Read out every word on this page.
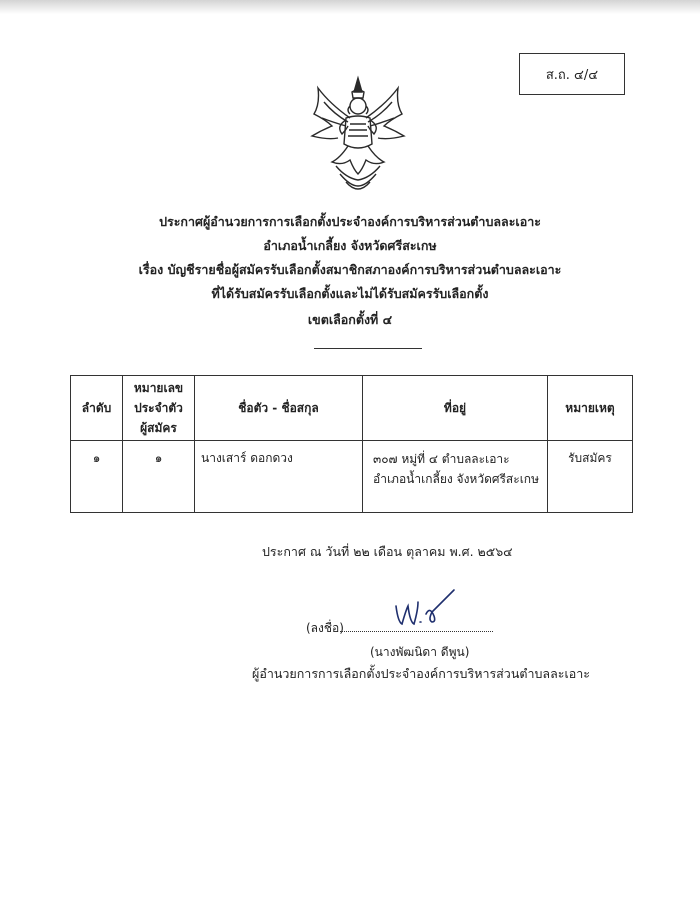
ส.ถ. ๔/๔
ประกาศผู้อำนวยการการเลือกตั้งประจำองค์การบริหารส่วนตำบลละเอาะ
อำเภอน้ำเกลี้ยง จังหวัดศรีสะเกษ
เรื่อง บัญชีรายชื่อผู้สมัครรับเลือกตั้งสมาชิกสภาองค์การบริหารส่วนตำบลละเอาะ
ที่ได้รับสมัครรับเลือกตั้งและไม่ได้รับสมัครรับเลือกตั้ง
เขตเลือกตั้งที่ ๔
ลำดับ	หมายเลข
ประจำตัว
ผู้สมัคร	ชื่อตัว - ชื่อสกุล	ที่อยู่	หมายเหตุ
๑	๑	นางเสาร์ ดอกดวง	๓๐๗ หมู่ที่ ๔ ตำบลละเอาะ
อำเภอน้ำเกลี้ยง จังหวัดศรีสะเกษ	รับสมัคร
ประกาศ ณ วันที่ ๒๒ เดือน ตุลาคม พ.ศ. ๒๕๖๔
(ลงชื่อ)
(นางพัฒนิดา ดีพูน)
ผู้อำนวยการการเลือกตั้งประจำองค์การบริหารส่วนตำบลละเอาะ
